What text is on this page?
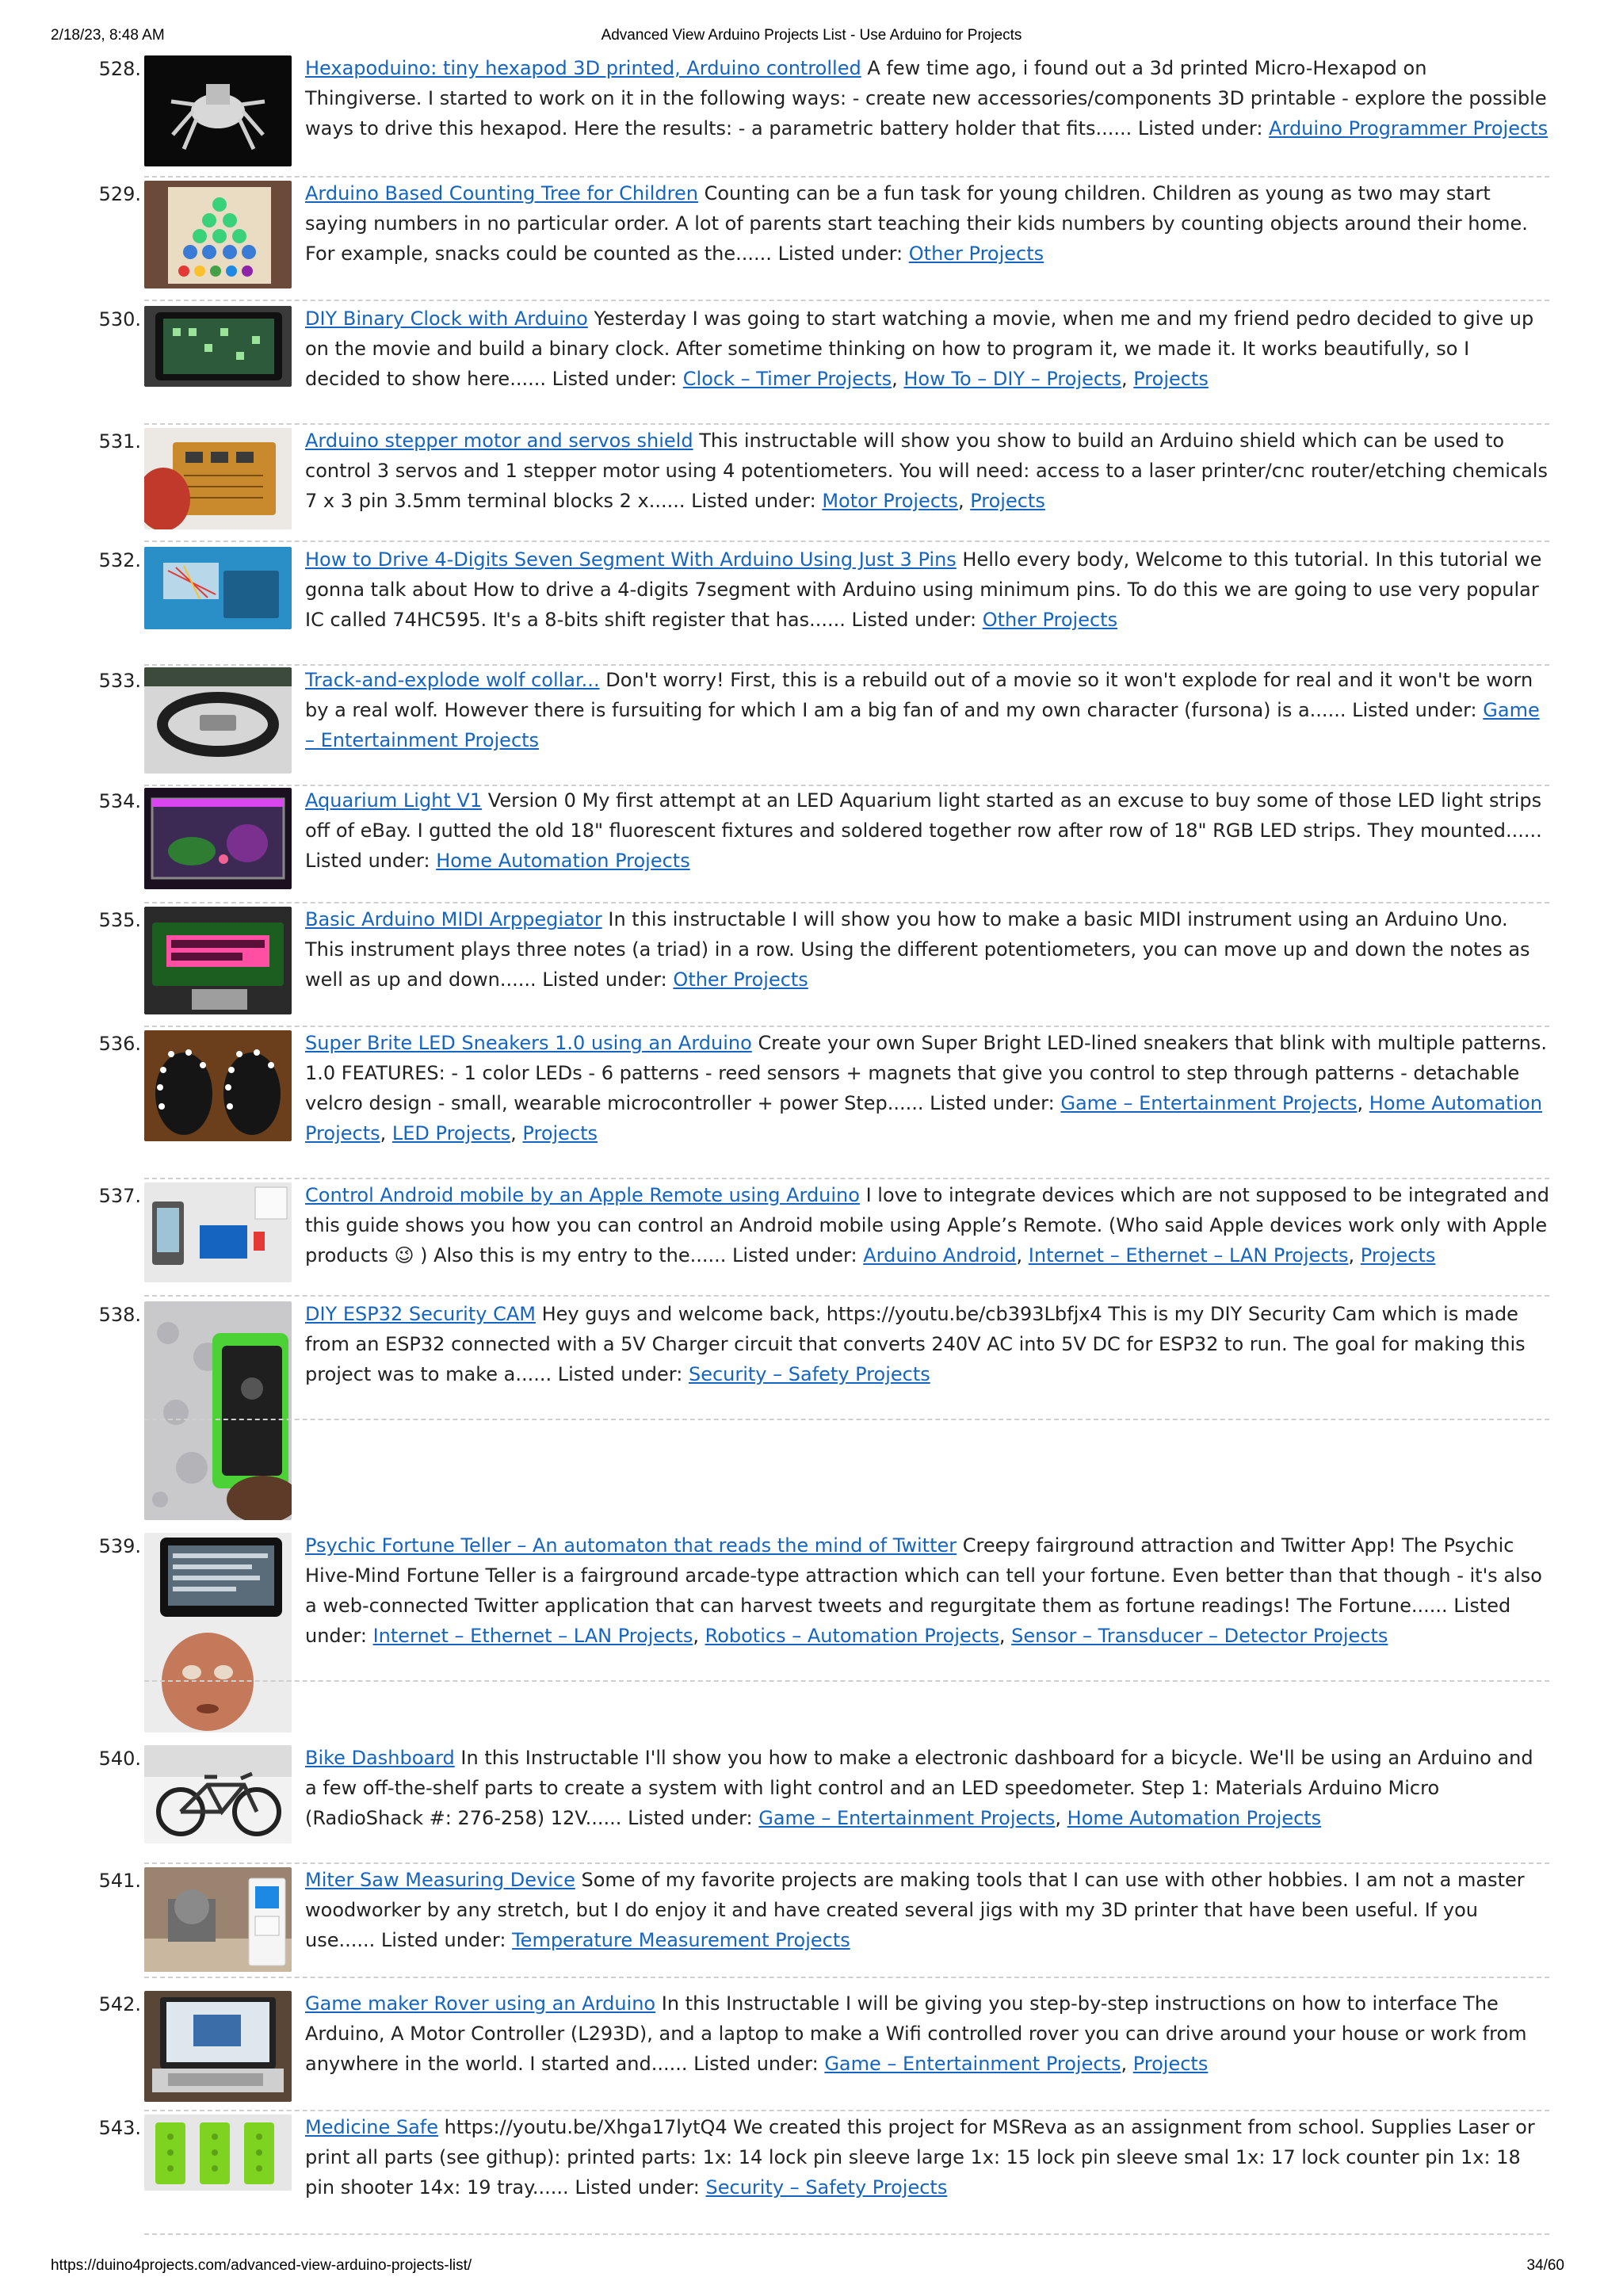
2/18/23, 8:48 AM	Advanced View Arduino Projects List - Use Arduino for Projects
528.	Hexapoduino: tiny hexapod 3D printed, Arduino controlled A few time ago, i found out a 3d printed Micro-Hexapod on Thingiverse. I started to work on it in the following ways: - create new accessories/components 3D printable - explore the possible ways to drive this hexapod. Here the results: - a parametric battery holder that fits...... Listed under: Arduino Programmer Projects
529.	Arduino Based Counting Tree for Children Counting can be a fun task for young children. Children as young as two may start saying numbers in no particular order. A lot of parents start teaching their kids numbers by counting objects around their home. For example, snacks could be counted as the...... Listed under: Other Projects
530.	DIY Binary Clock with Arduino Yesterday I was going to start watching a movie, when me and my friend pedro decided to give up on the movie and build a binary clock. After sometime thinking on how to program it, we made it. It works beautifully, so I decided to show here...... Listed under: Clock – Timer Projects, How To – DIY – Projects, Projects
531.	Arduino stepper motor and servos shield This instructable will show you show to build an Arduino shield which can be used to control 3 servos and 1 stepper motor using 4 potentiometers. You will need: access to a laser printer/cnc router/etching chemicals 7 x 3 pin 3.5mm terminal blocks 2 x...... Listed under: Motor Projects, Projects
532.	How to Drive 4-Digits Seven Segment With Arduino Using Just 3 Pins Hello every body, Welcome to this tutorial. In this tutorial we gonna talk about How to drive a 4-digits 7segment with Arduino using minimum pins. To do this we are going to use very popular IC called 74HC595. It's a 8-bits shift register that has...... Listed under: Other Projects
533.	Track-and-explode wolf collar... Don't worry! First, this is a rebuild out of a movie so it won't explode for real and it won't be worn by a real wolf. However there is fursuiting for which I am a big fan of and my own character (fursona) is a...... Listed under: Game – Entertainment Projects
534.	Aquarium Light V1 Version 0 My first attempt at an LED Aquarium light started as an excuse to buy some of those LED light strips off of eBay. I gutted the old 18" fluorescent fixtures and soldered together row after row of 18" RGB LED strips. They mounted...... Listed under: Home Automation Projects
535.	Basic Arduino MIDI Arppegiator In this instructable I will show you how to make a basic MIDI instrument using an Arduino Uno. This instrument plays three notes (a triad) in a row. Using the different potentiometers, you can move up and down the notes as well as up and down...... Listed under: Other Projects
536.	Super Brite LED Sneakers 1.0 using an Arduino Create your own Super Bright LED-lined sneakers that blink with multiple patterns. 1.0 FEATURES: - 1 color LEDs - 6 patterns - reed sensors + magnets that give you control to step through patterns - detachable velcro design - small, wearable microcontroller + power Step...... Listed under: Game – Entertainment Projects, Home Automation Projects, LED Projects, Projects
537.	Control Android mobile by an Apple Remote using Arduino I love to integrate devices which are not supposed to be integrated and this guide shows you how you can control an Android mobile using Apple’s Remote. (Who said Apple devices work only with Apple products 😉 ) Also this is my entry to the...... Listed under: Arduino Android, Internet – Ethernet – LAN Projects, Projects
538.	DIY ESP32 Security CAM Hey guys and welcome back, https://youtu.be/cb393Lbfjx4 This is my DIY Security Cam which is made from an ESP32 connected with a 5V Charger circuit that converts 240V AC into 5V DC for ESP32 to run. The goal for making this project was to make a...... Listed under: Security – Safety Projects
539.	Psychic Fortune Teller – An automaton that reads the mind of Twitter Creepy fairground attraction and Twitter App! The Psychic Hive-Mind Fortune Teller is a fairground arcade-type attraction which can tell your fortune. Even better than that though - it's also a web-connected Twitter application that can harvest tweets and regurgitate them as fortune readings! The Fortune...... Listed under: Internet – Ethernet – LAN Projects, Robotics – Automation Projects, Sensor – Transducer – Detector Projects
540.	Bike Dashboard In this Instructable I'll show you how to make a electronic dashboard for a bicycle. We'll be using an Arduino and a few off-the-shelf parts to create a system with light control and an LED speedometer. Step 1: Materials Arduino Micro (RadioShack #: 276-258) 12V...... Listed under: Game – Entertainment Projects, Home Automation Projects
541.	Miter Saw Measuring Device Some of my favorite projects are making tools that I can use with other hobbies. I am not a master woodworker by any stretch, but I do enjoy it and have created several jigs with my 3D printer that have been useful. If you use...... Listed under: Temperature Measurement Projects
542.	Game maker Rover using an Arduino In this Instructable I will be giving you step-by-step instructions on how to interface The Arduino, A Motor Controller (L293D), and a laptop to make a Wifi controlled rover you can drive around your house or work from anywhere in the world. I started and...... Listed under: Game – Entertainment Projects, Projects
543.	Medicine Safe https://youtu.be/Xhga17lytQ4 We created this project for MSReva as an assignment from school. Supplies Laser or print all parts (see githup): printed parts: 1x: 14 lock pin sleeve large 1x: 15 lock pin sleeve smal 1x: 17 lock counter pin 1x: 18 pin shooter 14x: 19 tray...... Listed under: Security – Safety Projects
https://duino4projects.com/advanced-view-arduino-projects-list/	34/60
